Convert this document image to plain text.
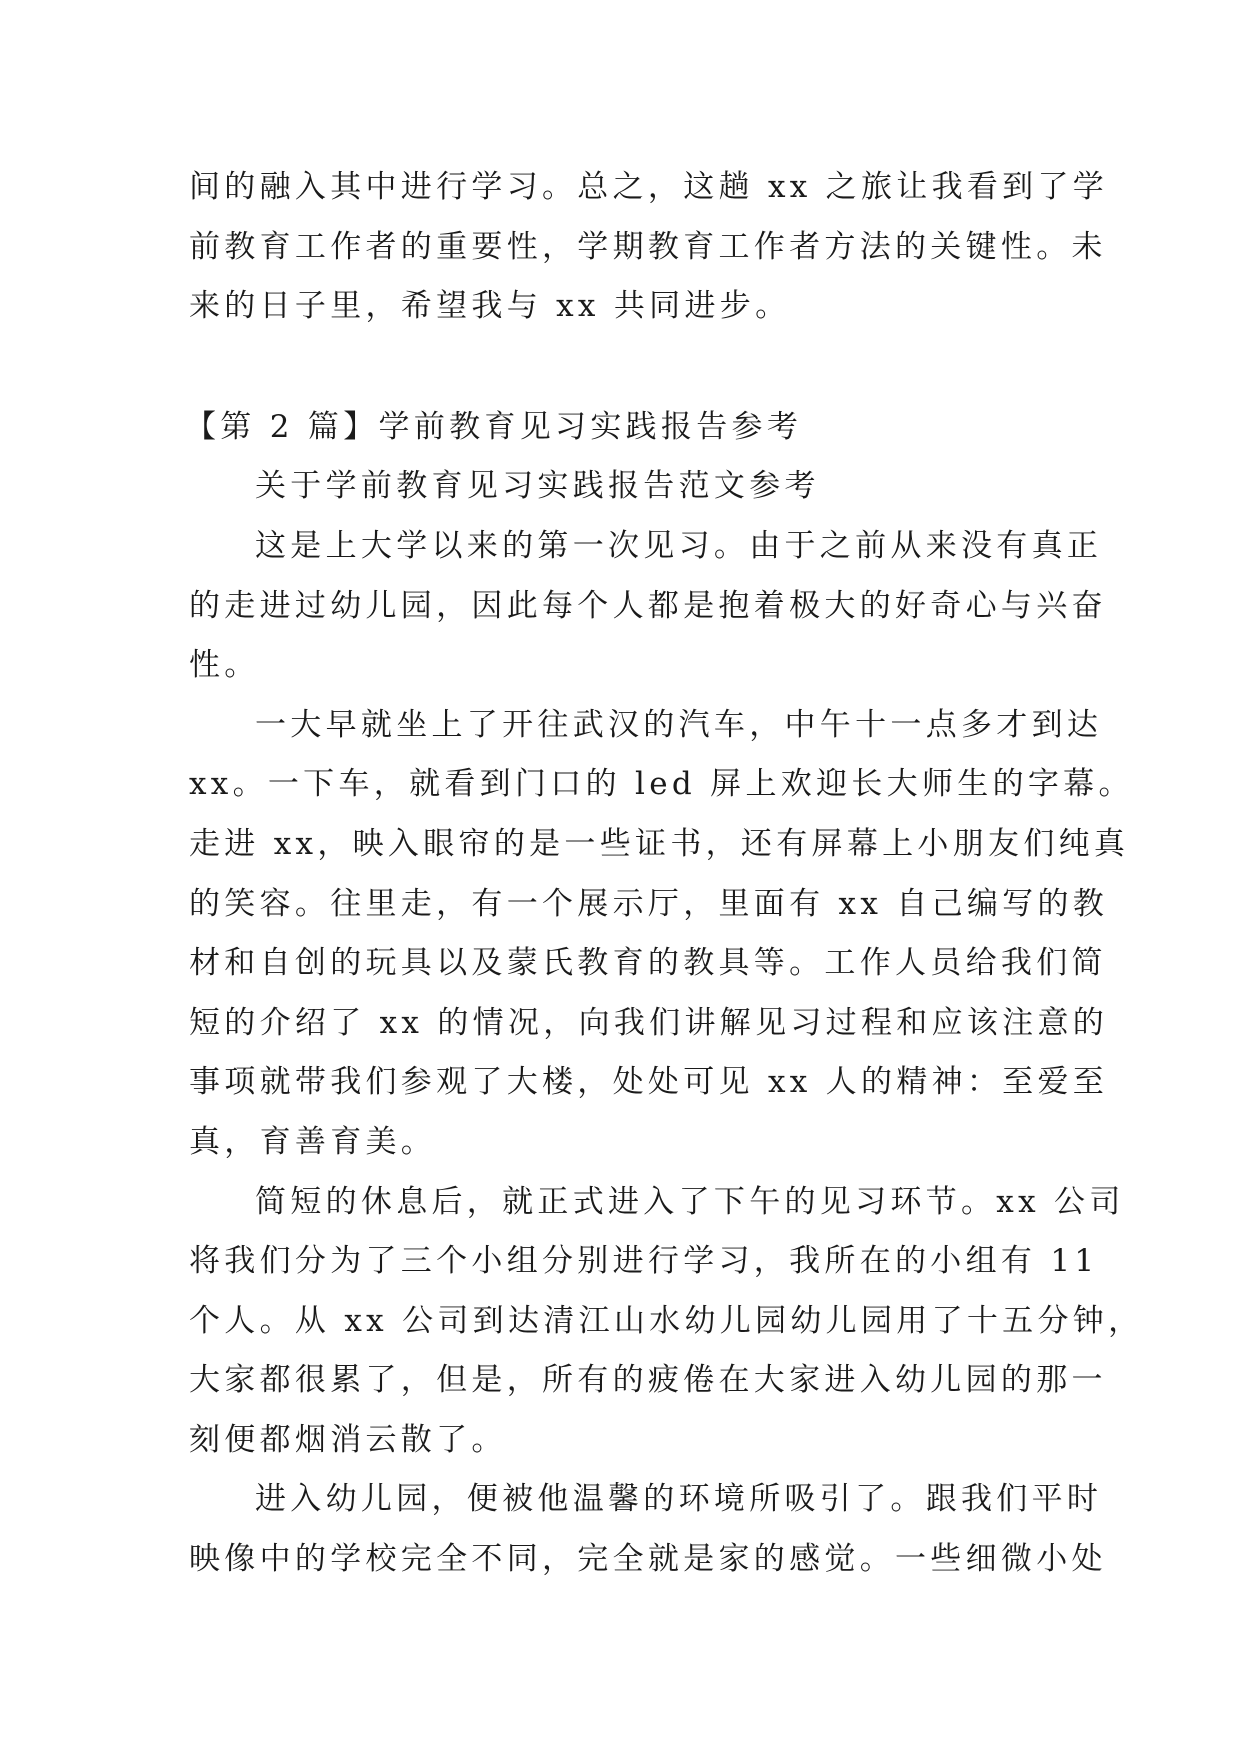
间的融入其中进行学习。总之，这趟 xx 之旅让我看到了学
前教育工作者的重要性，学期教育工作者方法的关键性。未
来的日子里，希望我与 xx 共同进步。

【第 2 篇】学前教育见习实践报告参考

关于学前教育见习实践报告范文参考

这是上大学以来的第一次见习。由于之前从来没有真正
的走进过幼儿园，因此每个人都是抱着极大的好奇心与兴奋
性。

一大早就坐上了开往武汉的汽车，中午十一点多才到达
xx。一下车，就看到门口的 led 屏上欢迎长大师生的字幕。
走进 xx，映入眼帘的是一些证书，还有屏幕上小朋友们纯真
的笑容。往里走，有一个展示厅，里面有 xx 自己编写的教
材和自创的玩具以及蒙氏教育的教具等。工作人员给我们简
短的介绍了 xx 的情况，向我们讲解见习过程和应该注意的
事项就带我们参观了大楼，处处可见 xx 人的精神：至爱至
真，育善育美。

简短的休息后，就正式进入了下午的见习环节。xx 公司
将我们分为了三个小组分别进行学习，我所在的小组有 11
个人。从 xx 公司到达清江山水幼儿园幼儿园用了十五分钟，
大家都很累了，但是，所有的疲倦在大家进入幼儿园的那一
刻便都烟消云散了。

进入幼儿园，便被他温馨的环境所吸引了。跟我们平时
映像中的学校完全不同，完全就是家的感觉。一些细微小处
